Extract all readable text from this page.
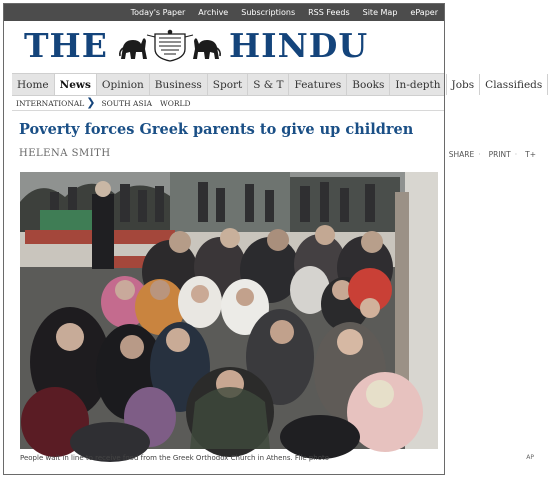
Today's Paper Archive Subscriptions RSS Feeds Site Map ePaper
THE	HINDU
Home	News	Opinion	Business	Sport	S & T	Features	Books	In-depth	Jobs	Classifieds
INTERNATIONAL ❯ SOUTH ASIA	WORLD
Poverty forces Greek parents to give up children
HELENA SMITH	SHARE · PRINT · T+
People wait in line to receive food from the Greek Orthodox Church in Athens. File photo	AP
